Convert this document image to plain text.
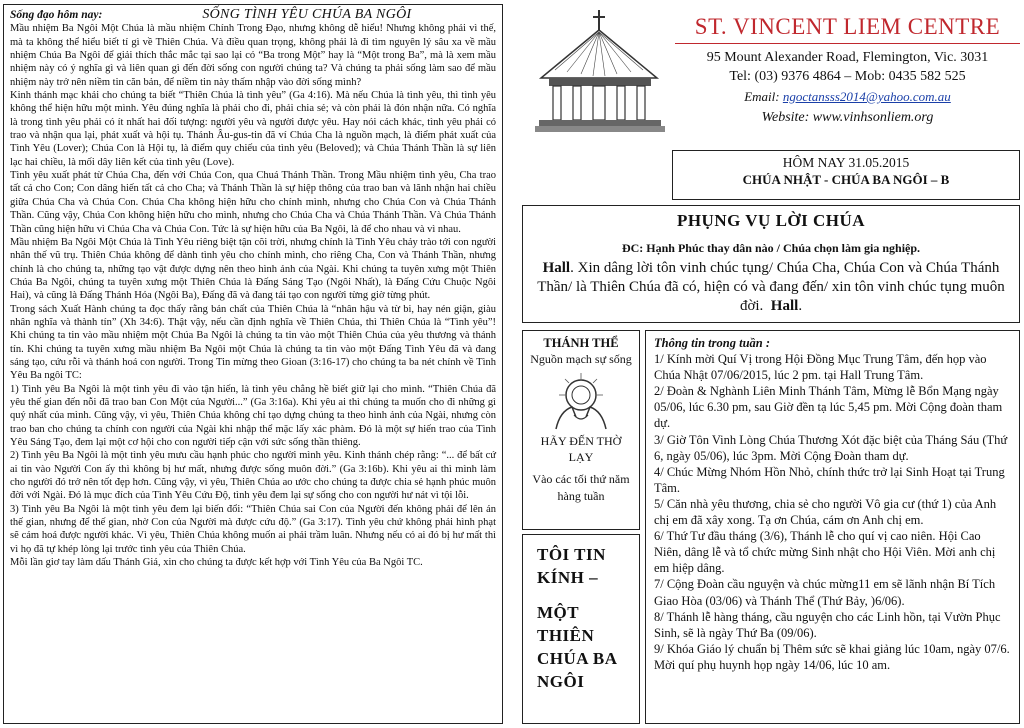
Sống đạo hôm nay:	SỐNG TÌNH YÊU CHÚA BA NGÔI

Mầu nhiệm Ba Ngôi Một Chúa là mầu nhiệm Chính Trong Đạo, nhưng không dễ hiểu! Nhưng không phải vì thế, mà ta không thể hiểu biết tí gì về Thiên Chúa. Và điều quan trọng, không phải là đi tìm nguyên lý sâu xa về mầu nhiệm Chúa Ba Ngôi để giải thích thắc mắc tại sao lại có “Ba trong Một” hay là “Một trong Ba”, mà là xem mầu nhiệm này có ý nghĩa gì và liên quan gì đến đời sống con người chúng ta? Và chúng ta phải sống làm sao để mầu nhiệm này trở nên niềm tin căn bản, để niềm tin này thấm nhập vào đời sống mình?

Kinh thánh mạc khải cho chúng ta biết “Thiên Chúa là tình yêu” (Ga 4:16). Mà nếu Chúa là tình yêu, thì tình yêu không thể hiện hữu một mình. Yêu đúng nghĩa là phải cho đi, phải chia sẻ; và còn phải là đón nhận nữa. Có nghĩa là trong tình yêu phải có ít nhất hai đối tượng: người yêu và người được yêu. Hay nói cách khác, tình yêu phải có trao và nhận qua lại, phát xuất và hội tụ. Thánh Âu-gus-tin đã ví Chúa Cha là nguồn mạch, là điểm phát xuất của Tình Yêu (Lover); Chúa Con là Hội tụ, là điểm quy chiếu của tình yêu (Beloved); và Chúa Thánh Thần là sự liên lạc hai chiều, là mối dây liên kết của tình yêu (Love).

Tình yêu xuất phát từ Chúa Cha, đến với Chúa Con, qua Chuá Thánh Thần. Trong Mầu nhiệm tình yêu, Cha trao tất cả cho Con; Con dâng hiến tất cả cho Cha; và Thánh Thần là sự hiệp thông của trao ban và lãnh nhận hai chiều giữa Chúa Cha và Chúa Con. Chúa Cha không hiện hữu cho chính mình, nhưng cho Chúa Con và Chúa Thánh Thần. Cũng vậy, Chúa Con không hiện hữu cho mình, nhưng cho Chúa Cha và Chúa Thánh Thần. Và Chúa Thánh Thần cũng hiện hữu vì Chúa Cha và Chúa Con. Tức là sự hiện hữu của Ba Ngôi, là để cho nhau và vì nhau.

Mầu nhiệm Ba Ngôi Một Chúa là Tình Yêu riêng biệt tận cõi trời, nhưng chính là Tình Yêu chảy trào tới con người nhân thế vũ trụ. Thiên Chúa không để dành tình yêu cho chính mình, cho riêng Cha, Con và Thánh Thần, nhưng chính là cho chúng ta, những tạo vật được dựng nên theo hình ảnh của Ngài. Khi chúng ta tuyên xưng một Thiên Chúa Ba Ngôi, chúng ta tuyên xưng một Thiên Chúa là Đấng Sáng Tạo (Ngôi Nhất), là Đấng Cứu Chuộc Ngôi Hai), và cũng là Đấng Thánh Hóa (Ngôi Ba), Đấng đã và đang tái tạo con người từng giờ từng phút.

Trong sách Xuất Hành chúng ta đọc thấy rằng bản chất của Thiên Chúa là “nhân hậu và từ bi, hay nén giận, giàu nhân nghĩa và thành tín” (Xh 34:6). Thật vậy, nếu cần định nghĩa về Thiên Chúa, thì Thiên Chúa là “Tình yêu”! Khi chúng ta tin vào mầu nhiệm một Chúa Ba Ngôi là chúng ta tin vào một Thiên Chúa của yêu thương và thánh tín. Khi chúng ta tuyên xưng mầu nhiệm Ba Ngôi một Chúa là chúng ta tin vào một Đấng Tình Yêu đã và đang sáng tạo, cứu rỗi và thánh hoá con người. Trong Tin mừng theo Gioan (3:16-17) cho chúng ta ba nét chính về Tình Yêu Ba ngôi TC:

1) Tình yêu Ba Ngôi là một tình yêu đi vào tận hiến, là tình yêu chẳng hề biết giữ lại cho mình. “Thiên Chúa đã yêu thế gian đến nỗi đã trao ban Con Một của Người...” (Ga 3:16a). Khi yêu ai thì chúng ta muốn cho đi những gì quý nhất của mình. Cũng vậy, vì yêu, Thiên Chúa không chỉ tạo dựng chúng ta theo hình ảnh của Ngài, nhưng còn trao ban cho chúng ta chính con người của Ngài khi nhập thể mặc lấy xác phàm. Đó là một sự hiến trao của Tình Yêu Sáng Tạo, đem lại một cơ hội cho con người tiếp cận với sức sống thần thiêng.

2) Tình yêu Ba Ngôi là một tình yêu mưu cầu hạnh phúc cho người mình yêu. Kinh thánh chép rằng: “... để bất cứ ai tin vào Người Con ấy thì không bị hư mất, nhưng được sống muôn đời.” (Ga 3:16b). Khi yêu ai thì mình làm cho người đó trở nên tốt đẹp hơn. Cũng vậy, vì yêu, Thiên Chúa ao ước cho chúng ta được chia sẻ hạnh phúc muôn đời với Ngài. Đó là mục đích của Tình Yêu Cứu Độ, tình yêu đem lại sự sống cho con người hư nát vì tội lỗi.

3) Tình yêu Ba Ngôi là một tình yêu đem lại biến đổi: “Thiên Chúa sai Con của Người đến không phải để lên án thế gian, nhưng để thế gian, nhờ Con của Người mà được cứu độ.” (Ga 3:17). Tình yêu chứ không phải hình phạt sẽ cảm hoá được người khác. Vì yêu, Thiên Chúa không muốn ai phải trầm luân. Nhưng nếu có ai đó bị hư mất thì vì họ đã tự khép lòng lại trước tình yêu của Thiên Chúa.

Mỗi lần giơ tay làm dấu Thánh Giá, xin cho chúng ta được kết hợp với Tình Yêu của Ba Ngôi TC.

ST. VINCENT LIEM CENTRE
95 Mount Alexander Road, Flemington, Vic. 3031
Tel: (03) 9376 4864 – Mob: 0435 582 525
Email: ngoctansss2014@yahoo.com.au
Website: www.vinhsonliem.org
HÔM NAY 31.05.2015
CHÚA NHẬT - CHÚA BA NGÔI – B
PHỤNG VỤ LỜI CHÚA
ĐC: Hạnh Phúc thay dân nào / Chúa chọn làm gia nghiệp.
Hall. Xin dâng lời tôn vinh chúc tụng/ Chúa Cha, Chúa Con và Chúa Thánh Thần/ là Thiên Chúa đã có, hiện có và đang đến/ xin tôn vinh chúc tụng muôn đời. Hall.
THÁNH THỂ
Nguồn mạch sự sống
HÃY ĐẾN THỜ LẠY
Vào các tối thứ năm hàng tuần
TÔI TIN KÍNH –
MỘT THIÊN CHÚA BA NGÔI
Thông tin trong tuần :

1/ Kính mời Quí Vị trong Hội Đồng Mục Trung Tâm, đến họp vào Chúa Nhật 07/06/2015, lúc 2 pm. tại Hall Trung Tâm.

2/ Đoàn & Nghành Liên Minh Thánh Tâm, Mừng lễ Bổn Mạng ngày 05/06, lúc 6.30 pm, sau Giờ đền tạ lúc 5,45 pm. Mời Cộng đoàn tham dự.

3/ Giờ Tôn Vinh Lòng Chúa Thương Xót đặc biệt của Tháng Sáu (Thứ 6, ngày 05/06), lúc 3pm. Mời Cộng Đoàn tham dự.

4/ Chúc Mừng Nhóm Hồn Nhỏ, chính thức trở lại Sinh Hoạt tại Trung Tâm.

5/ Căn nhà yêu thương, chia sẻ cho người Vô gia cư (thứ 1) của Anh chị em đã xây xong. Tạ ơn Chúa, cám ơn Anh chị em.

6/ Thứ Tư đầu tháng (3/6), Thánh lễ cho quí vị cao niên. Hội Cao Niên, dâng lễ và tổ chức mừng Sinh nhật cho Hội Viên. Mời anh chị em hiệp dâng.

7/ Cộng Đoàn cầu nguyện và chúc mừng11 em sẽ lãnh nhận Bí Tích Giao Hòa (03/06) và Thánh Thể (Thứ Bảy, )6/06).

8/ Thánh lễ hàng tháng, cầu nguyện cho các Linh hồn, tại Vườn Phục Sinh, sẽ là ngày Thứ Ba (09/06).

9/ Khóa Giáo lý chuẩn bị Thêm sức sẽ khai giảng lúc 10am, ngày 07/6. Mời quí phụ huynh họp ngày 14/06, lúc 10 am.
